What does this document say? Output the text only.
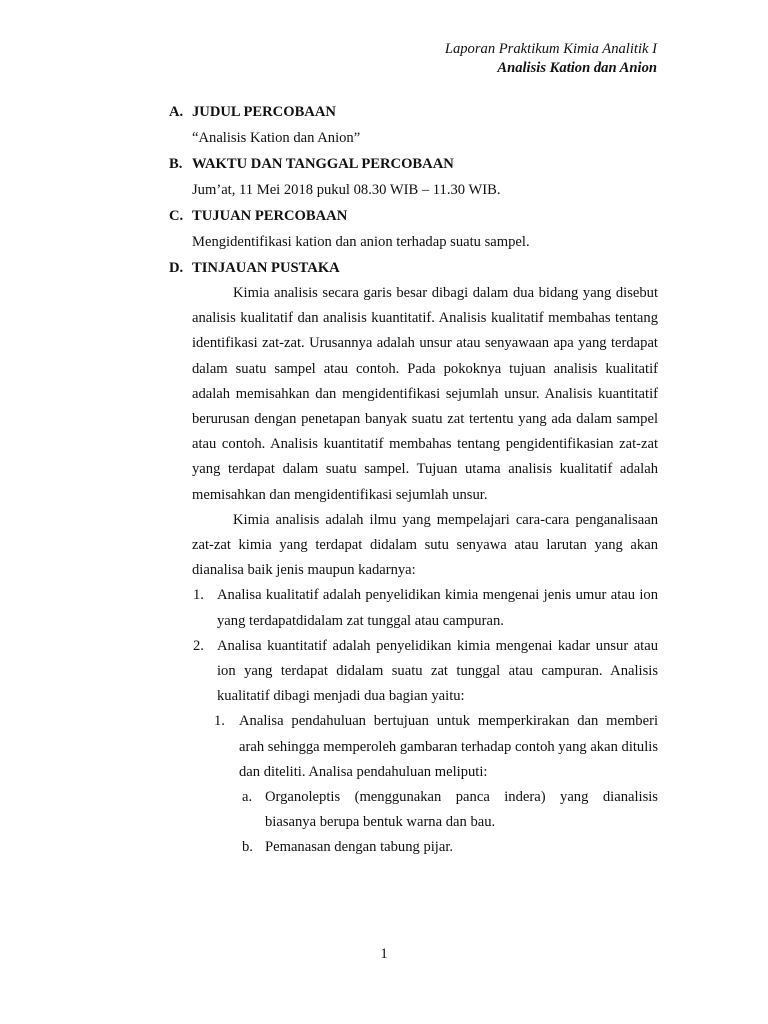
Laporan Praktikum Kimia Analitik I
Analisis Kation dan Anion
A. JUDUL PERCOBAAN
“Analisis Kation dan Anion”
B. WAKTU DAN TANGGAL PERCOBAAN
Jum’at, 11 Mei 2018 pukul 08.30 WIB – 11.30 WIB.
C. TUJUAN PERCOBAAN
Mengidentifikasi kation dan anion terhadap suatu sampel.
D. TINJAUAN PUSTAKA

Kimia analisis secara garis besar dibagi dalam dua bidang yang disebut analisis kualitatif dan analisis kuantitatif. Analisis kualitatif membahas tentang identifikasi zat-zat. Urusannya adalah unsur atau senyawaan apa yang terdapat dalam suatu sampel atau contoh. Pada pokoknya tujuan analisis kualitatif adalah memisahkan dan mengidentifikasi sejumlah unsur. Analisis kuantitatif berurusan dengan penetapan banyak suatu zat tertentu yang ada dalam sampel atau contoh. Analisis kuantitatif membahas tentang pengidentifikasian zat-zat yang terdapat dalam suatu sampel. Tujuan utama analisis kualitatif adalah memisahkan dan mengidentifikasi sejumlah unsur.

Kimia analisis adalah ilmu yang mempelajari cara-cara penganalisaan zat-zat kimia yang terdapat didalam sutu senyawa atau larutan yang akan dianalisa baik jenis maupun kadarnya:

1. Analisa kualitatif adalah penyelidikan kimia mengenai jenis umur atau ion yang terdapatdidalam zat tunggal atau campuran.
2. Analisa kuantitatif adalah penyelidikan kimia mengenai kadar unsur atau ion yang terdapat didalam suatu zat tunggal atau campuran. Analisis kualitatif dibagi menjadi dua bagian yaitu:
1. Analisa pendahuluan bertujuan untuk memperkirakan dan memberi arah sehingga memperoleh gambaran terhadap contoh yang akan ditulis dan diteliti. Analisa pendahuluan meliputi:
a. Organoleptis (menggunakan panca indera) yang dianalisis biasanya berupa bentuk warna dan bau.
b. Pemanasan dengan tabung pijar.
1
